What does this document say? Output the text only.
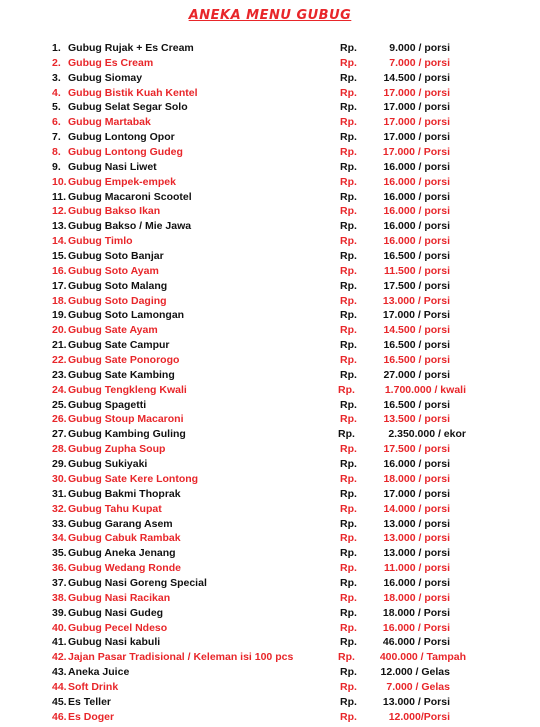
ANEKA MENU GUBUG
1. Gubug Rujak + Es Cream	Rp.	9.000 / porsi
2. Gubug Es Cream	Rp.	7.000 / porsi
3. Gubug Siomay	Rp.	14.500 / porsi
4. Gubug Bistik Kuah Kentel	Rp.	17.000 / porsi
5. Gubug Selat Segar Solo	Rp.	17.000 / porsi
6. Gubug Martabak	Rp.	17.000 / porsi
7. Gubug Lontong Opor	Rp.	17.000 / porsi
8. Gubug Lontong Gudeg	Rp. 17.000 / Porsi
9. Gubug Nasi Liwet	Rp.	16.000 / porsi
10. Gubug Empek-empek	Rp.	16.000 / porsi
11. Gubug Macaroni Scootel	Rp.	16.000 / porsi
12. Gubug Bakso Ikan	Rp.	16.000 / porsi
13. Gubug Bakso / Mie Jawa	Rp.	16.000 / porsi
14. Gubug Timlo	Rp.	16.000 / porsi
15. Gubug Soto Banjar	Rp.	16.500 / porsi
16. Gubug Soto Ayam	Rp.	11.500 / porsi
17. Gubug Soto Malang	Rp.	17.500 / porsi
18. Gubug Soto Daging	Rp. 13.000 / Porsi
19. Gubug Soto Lamongan	Rp. 17.000 / Porsi
20. Gubug Sate Ayam	Rp.	14.500 / porsi
21. Gubug Sate Campur	Rp.	16.500 / porsi
22. Gubug Sate Ponorogo	Rp.	16.500 / porsi
23. Gubug Sate Kambing	Rp.	27.000 / porsi
24. Gubug Tengkleng Kwali	Rp.	1.700.000 / kwali
25. Gubug Spagetti	Rp.	16.500 / porsi
26. Gubug Stoup Macaroni	Rp.	13.500 / porsi
27. Gubug Kambing Guling	Rp.	2.350.000 / ekor
28. Gubug Zupha Soup	Rp.	17.500 / porsi
29. Gubug Sukiyaki	Rp.	16.000 / porsi
30. Gubug Sate Kere Lontong	Rp.	18.000 / porsi
31. Gubug Bakmi Thoprak	Rp.	17.000 / porsi
32. Gubug Tahu Kupat	Rp.	14.000 / porsi
33. Gubug Garang Asem	Rp.	13.000 / porsi
34. Gubug Cabuk Rambak	Rp.	13.000 / porsi
35. Gubug Aneka Jenang	Rp.	13.000 / porsi
36. Gubug Wedang Ronde	Rp.	11.000 / porsi
37. Gubug Nasi Goreng Special	Rp.	16.000 / porsi
38. Gubug Nasi Racikan	Rp.	18.000 / porsi
39. Gubug Nasi Gudeg	Rp. 18.000 / Porsi
40. Gubug Pecel Ndeso	Rp. 16.000 / Porsi
41. Gubug Nasi kabuli	Rp. 46.000 / Porsi
42. Jajan Pasar Tradisional / Keleman isi 100 pcs	Rp. 400.000 / Tampah
43. Aneka Juice	Rp. 12.000 / Gelas
44. Soft Drink	Rp.	7.000 / Gelas
45. Es Teller	Rp. 13.000 / Porsi
46. Es Doger	Rp.	12.000/Porsi
